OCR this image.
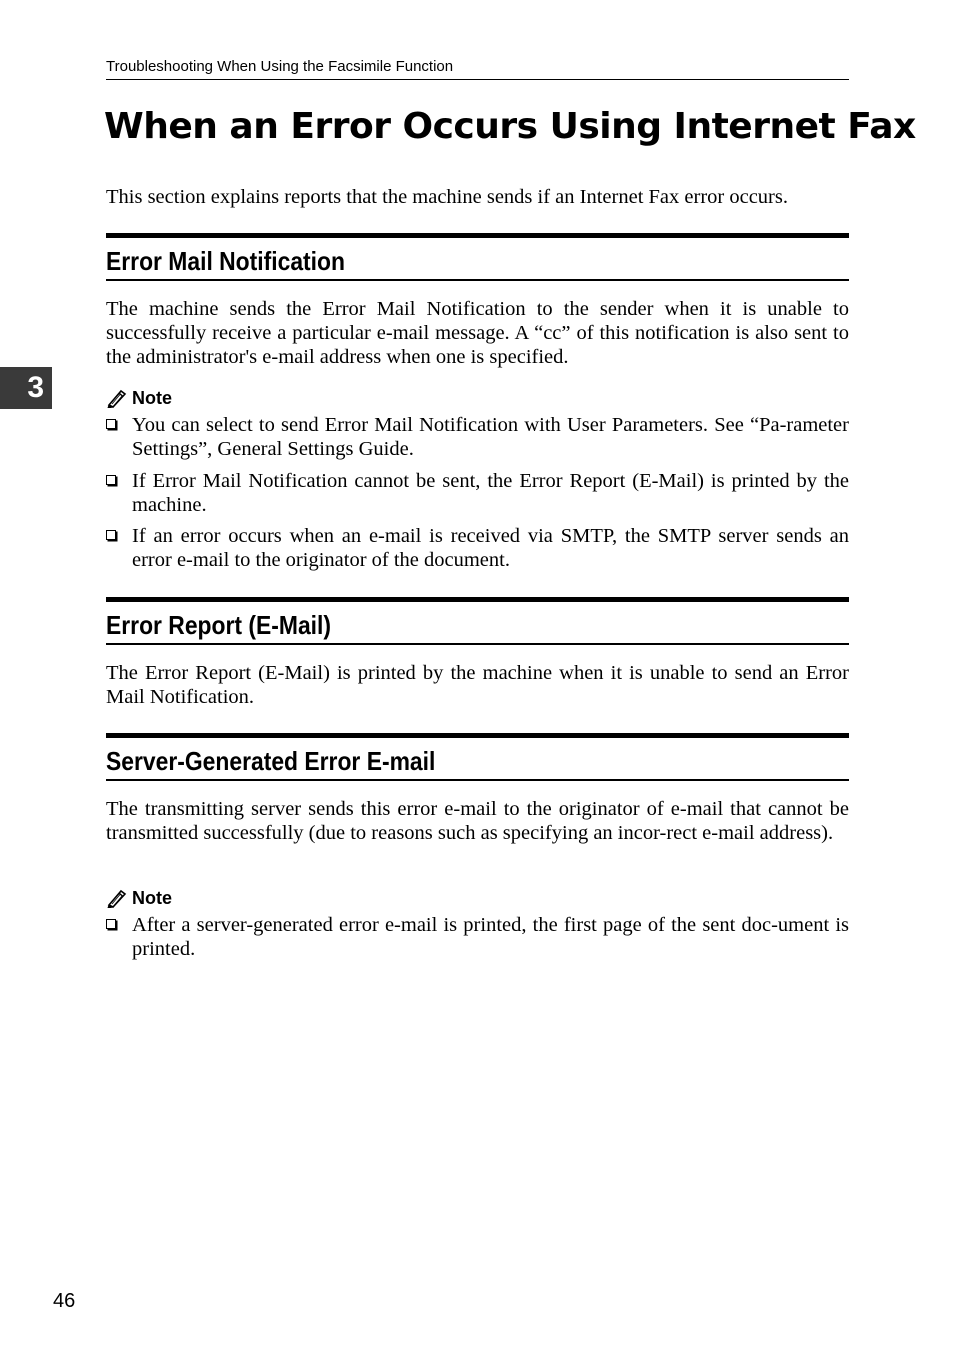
Troubleshooting When Using the Facsimile Function
When an Error Occurs Using Internet Fax

This section explains reports that the machine sends if an Internet Fax error occurs.

3
Error Mail Notification

The machine sends the Error Mail Notification to the sender when it is unable to successfully receive a particular e-mail message. A “cc” of this notification is also sent to the administrator's e-mail address when one is specified.

Note
You can select to send Error Mail Notification with User Parameters. See “Pa-rameter Settings”, General Settings Guide.
If Error Mail Notification cannot be sent, the Error Report (E-Mail) is printed by the machine.
If an error occurs when an e-mail is received via SMTP, the SMTP server sends an error e-mail to the originator of the document.
Error Report (E-Mail)

The Error Report (E-Mail) is printed by the machine when it is unable to send an Error Mail Notification.

Server-Generated Error E-mail

The transmitting server sends this error e-mail to the originator of e-mail that cannot be transmitted successfully (due to reasons such as specifying an incor-rect e-mail address).

Note
After a server-generated error e-mail is printed, the first page of the sent doc-ument is printed.
46
